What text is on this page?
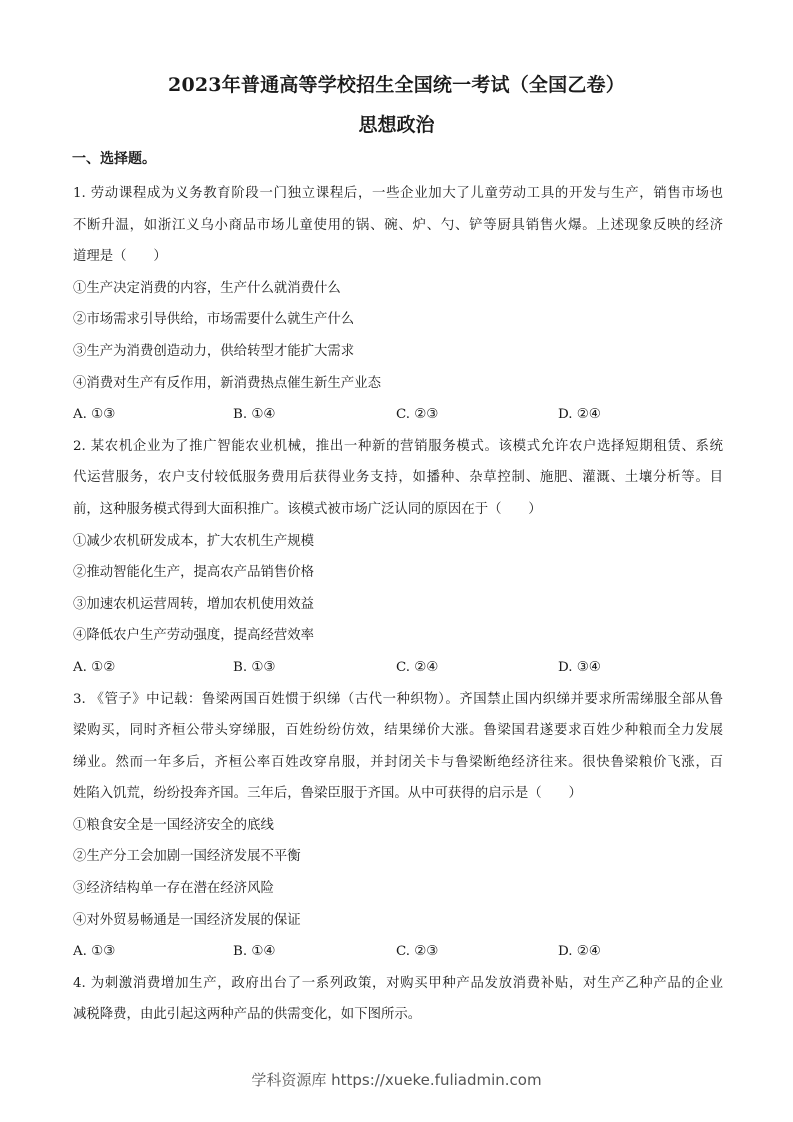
2023年普通高等学校招生全国统一考试（全国乙卷）
思想政治
一、选择题。
1. 劳动课程成为义务教育阶段一门独立课程后，一些企业加大了儿童劳动工具的开发与生产，销售市场也
不断升温，如浙江义乌小商品市场儿童使用的锅、碗、炉、勺、铲等厨具销售火爆。上述现象反映的经济
道理是（　　）
①生产决定消费的内容，生产什么就消费什么
②市场需求引导供给，市场需要什么就生产什么
③生产为消费创造动力，供给转型才能扩大需求
④消费对生产有反作用，新消费热点催生新生产业态
A. ①③	B. ①④	C. ②③	D. ②④
2. 某农机企业为了推广智能农业机械，推出一种新的营销服务模式。该模式允许农户选择短期租赁、系统
代运营服务，农户支付较低服务费用后获得业务支持，如播种、杂草控制、施肥、灌溉、土壤分析等。目
前，这种服务模式得到大面积推广。该模式被市场广泛认同的原因在于（　　）
①减少农机研发成本，扩大农机生产规模
②推动智能化生产，提高农产品销售价格
③加速农机运营周转，增加农机使用效益
④降低农户生产劳动强度，提高经营效率
A. ①②	B. ①③	C. ②④	D. ③④
3. 《管子》中记载：鲁梁两国百姓惯于织绨（古代一种织物）。齐国禁止国内织绨并要求所需绨服全部从鲁
梁购买，同时齐桓公带头穿绨服，百姓纷纷仿效，结果绨价大涨。鲁梁国君遂要求百姓少种粮而全力发展
绨业。然而一年多后，齐桓公率百姓改穿帛服，并封闭关卡与鲁梁断绝经济往来。很快鲁梁粮价飞涨，百
姓陷入饥荒，纷纷投奔齐国。三年后，鲁梁臣服于齐国。从中可获得的启示是（　　）
①粮食安全是一国经济安全的底线
②生产分工会加剧一国经济发展不平衡
③经济结构单一存在潜在经济风险
④对外贸易畅通是一国经济发展的保证
A. ①③	B. ①④	C. ②③	D. ②④
4. 为刺激消费增加生产，政府出台了一系列政策，对购买甲种产品发放消费补贴，对生产乙种产品的企业
减税降费，由此引起这两种产品的供需变化，如下图所示。
学科资源库 https://xueke.fuliadmin.com
